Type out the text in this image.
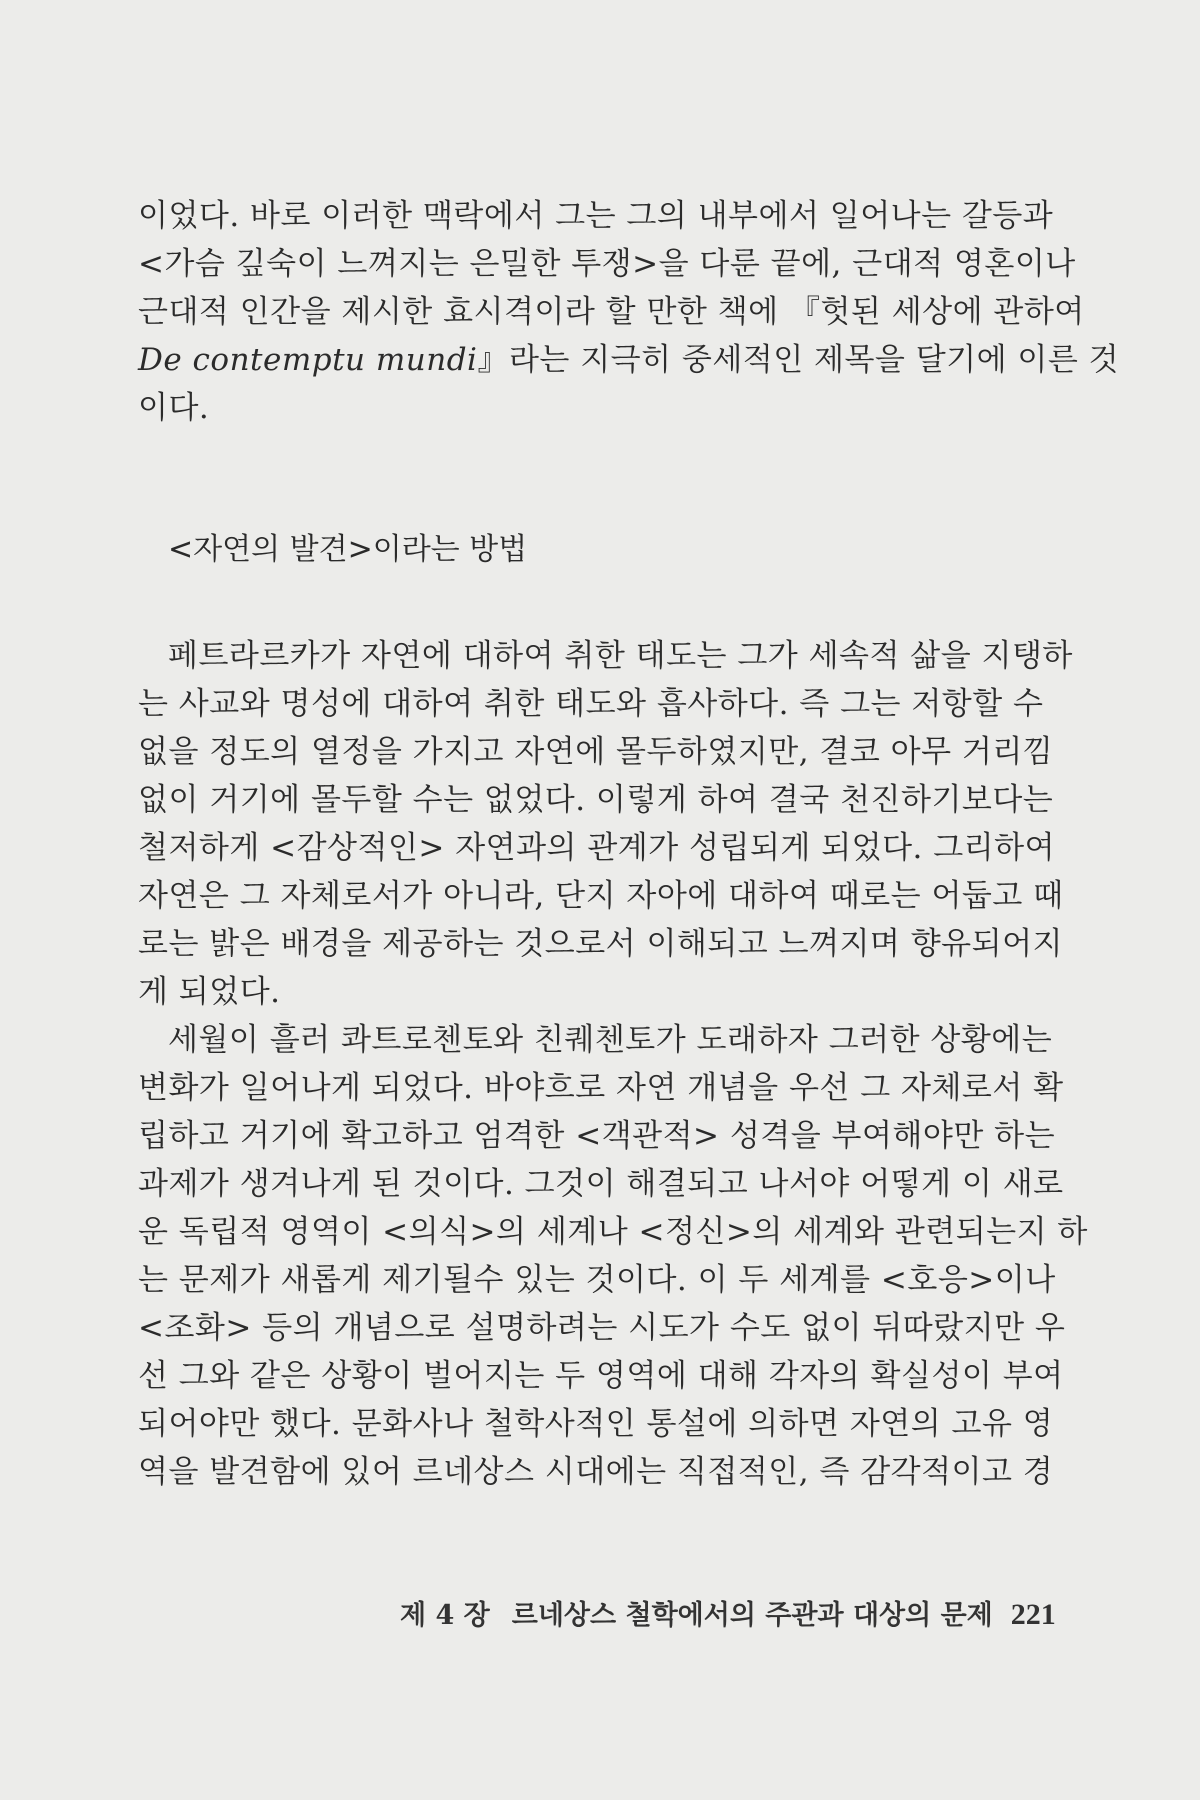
이었다. 바로 이러한 맥락에서 그는 그의 내부에서 일어나는 갈등과
<가슴 깊숙이 느껴지는 은밀한 투쟁>을 다룬 끝에, 근대적 영혼이나
근대적 인간을 제시한 효시격이라 할 만한 책에 『헛된 세상에 관하여
De contemptu mundi』라는 지극히 중세적인 제목을 달기에 이른 것
이다.
<자연의 발견>이라는 방법
페트라르카가 자연에 대하여 취한 태도는 그가 세속적 삶을 지탱하
는 사교와 명성에 대하여 취한 태도와 흡사하다. 즉 그는 저항할 수
없을 정도의 열정을 가지고 자연에 몰두하였지만, 결코 아무 거리낌
없이 거기에 몰두할 수는 없었다. 이렇게 하여 결국 천진하기보다는
철저하게 <감상적인> 자연과의 관계가 성립되게 되었다. 그리하여
자연은 그 자체로서가 아니라, 단지 자아에 대하여 때로는 어둡고 때
로는 밝은 배경을 제공하는 것으로서 이해되고 느껴지며 향유되어지
게 되었다.
세월이 흘러 콰트로첸토와 친퀘첸토가 도래하자 그러한 상황에는
변화가 일어나게 되었다. 바야흐로 자연 개념을 우선 그 자체로서 확
립하고 거기에 확고하고 엄격한 <객관적> 성격을 부여해야만 하는
과제가 생겨나게 된 것이다. 그것이 해결되고 나서야 어떻게 이 새로
운 독립적 영역이 <의식>의 세계나 <정신>의 세계와 관련되는지 하
는 문제가 새롭게 제기될수 있는 것이다. 이 두 세계를 <호응>이나
<조화> 등의 개념으로 설명하려는 시도가 수도 없이 뒤따랐지만 우
선 그와 같은 상황이 벌어지는 두 영역에 대해 각자의 확실성이 부여
되어야만 했다. 문화사나 철학사적인 통설에 의하면 자연의 고유 영
역을 발견함에 있어 르네상스 시대에는 직접적인, 즉 감각적이고 경
제 4 장 르네상스 철학에서의 주관과 대상의 문제 221
